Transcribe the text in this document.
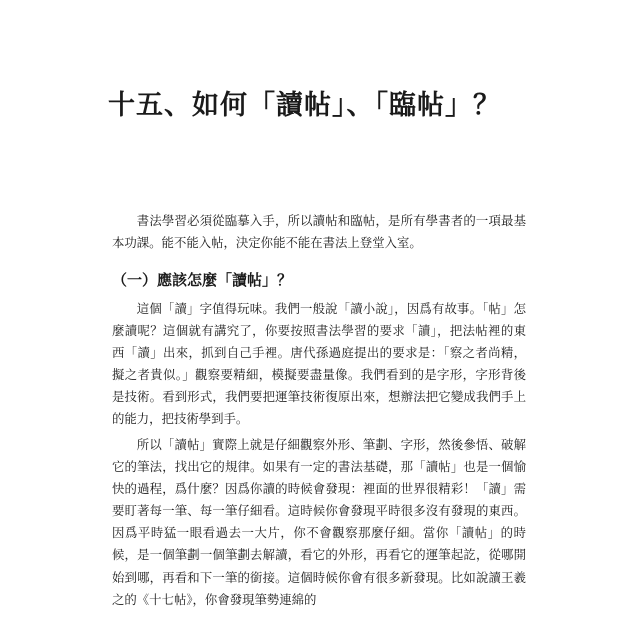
十五、如何「讀帖」、「臨帖」？

書法學習必須從臨摹入手，所以讀帖和臨帖，是所有學書者的一項最基本功課。能不能入帖，決定你能不能在書法上登堂入室。

（一）應該怎麼「讀帖」？

這個「讀」字值得玩味。我們一般說「讀小說」，因爲有故事。「帖」怎麼讀呢？這個就有講究了，你要按照書法學習的要求「讀」，把法帖裡的東西「讀」出來，抓到自己手裡。唐代孫過庭提出的要求是：「察之者尚精，擬之者貴似。」觀察要精細，模擬要盡量像。我們看到的是字形，字形背後是技術。看到形式，我們要把運筆技術復原出來，想辦法把它變成我們手上的能力，把技術學到手。

所以「讀帖」實際上就是仔細觀察外形、筆劃、字形，然後參悟、破解它的筆法，找出它的規律。如果有一定的書法基礎，那「讀帖」也是一個愉快的過程，爲什麼？因爲你讀的時候會發現：裡面的世界很精彩！「讀」需要盯著每一筆、每一筆仔細看。這時候你會發現平時很多沒有發現的東西。因爲平時猛一眼看過去一大片，你不會觀察那麼仔細。當你「讀帖」的時候，是一個筆劃一個筆劃去解讀，看它的外形，再看它的運筆起訖，從哪開始到哪，再看和下一筆的銜接。這個時候你會有很多新發現。比如說讀王羲之的《十七帖》，你會發現筆勢連綿的
